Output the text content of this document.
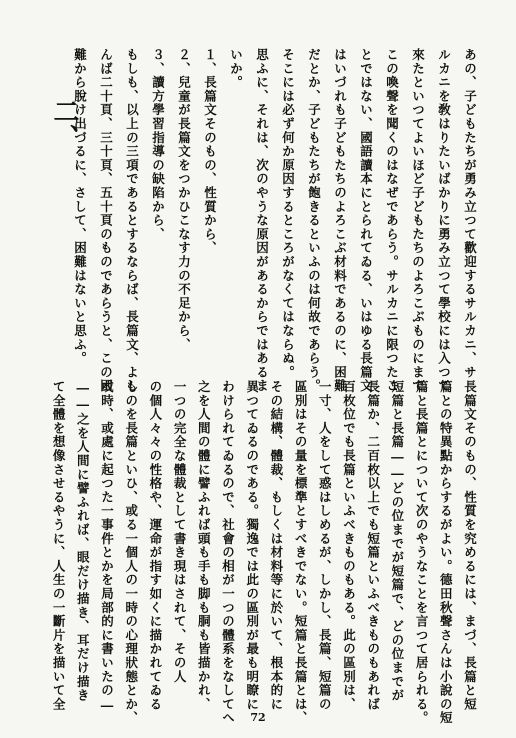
二、	あの、子どもたちが勇み立つて歡迎するサルカニ、サ
ルカニを敎はりたいばかりに勇み立つて學校には入つて
來たといつてよいほど子どもたちのよろこぶものにまで
この喚聲を聞くのはなぜであらう。サルカニに限つたこ
とではない、國語讀本にとられてゐる、いはゆる長篇文
はいづれも子どもたちのよろこぶ材料であるのに、困難
だとか、子どもたちが飽きるといふのは何故であらう。
そこには必ず何か原因するところがなくてはならぬ。
思ふに、それは、次のやうな原因があるからではあるま
いか。
１、長篇文そのもの、性質から、
２、兒童が長篇文をつかひこなす力の不足から、
３、讀方學習指導の缺陷から、
もしも、以上の三項であるとするならば、長篇文、よし
んば二十頁、三十頁、五十頁のものであらうと、この困
難から脫け出づるに、さして、困難はないと思ふ。
長篇文そのもの、性質を究めるには、まづ、長篇と短
篇との特異點からするがよい。德田秋聲さんは小說の短
篇と長篇とについて次のやうなことを言つて居られる。
短篇と長篇――どの位までが短篇で、どの位までが
長篇か、二百枚以上でも短篇といふべきものもあれば
百枚位でも長篇といふべきものもある。此の區別は、
一寸、人をして惑はしめるが、しかし、長篇、短篇の
區別はその量を標準とすべきでない。短篇と長篇とは、
その結構、體裁、もしくは材料等に於いて、根本的に
異つてゐるのである。獨逸では此の區別が最も明瞭に
わけられてゐるので、社會の相が一つの體系をなしてへ
之を人間の體に譬ふれば頭も手も脚も胴も皆描かれ、
一つの完全な體裁として書き現はされて、その人
の個人々々の性格や、運命が指す如くに描かれてゐる
ものを長篇といひ、或る一個人の一時の心理狀態とか、
或時、或處に起つた一事件とかを局部的に書いたの―
――之を人間に譬ふれば、眼だけ描き、耳だけ描き
て全體を想像させるやうに、人生の一斷片を描いて全
72
